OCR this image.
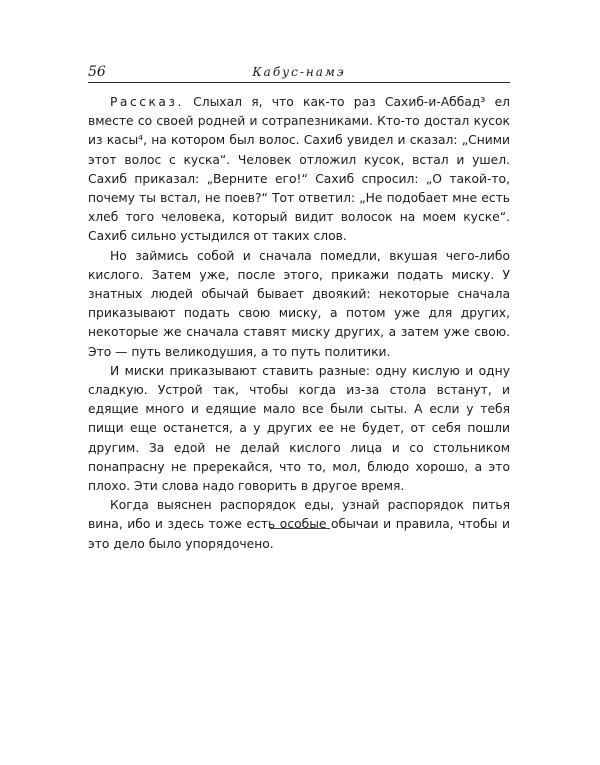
56	Кабус-намэ

Рассказ. Слыхал я, что как-то раз Сахиб-и-Аббад³ ел вместе со своей родней и сотрапезниками. Кто-то достал кусок из касы⁴, на котором был волос. Сахиб увидел и сказал: „Сними этот волос с куска“. Человек отложил кусок, встал и ушел. Сахиб приказал: „Верните его!“ Сахиб спросил: „О такой-то, почему ты встал, не поев?“ Тот ответил: „Не подобает мне есть хлеб того человека, который видит волосок на моем куске“. Сахиб сильно устыдился от таких слов.

Но займись собой и сначала помедли, вкушая чего-либо кислого. Затем уже, после этого, прикажи подать миску. У знатных людей обычай бывает двоякий: некоторые сначала приказывают подать свою миску, а потом уже для других, некоторые же сначала ставят миску других, а затем уже свою. Это — путь великодушия, а то путь политики.

И миски приказывают ставить разные: одну кислую и одну сладкую. Устрой так, чтобы когда из-за стола встанут, и едящие много и едящие мало все были сыты. А если у тебя пищи еще останется, а у других ее не будет, от себя пошли другим. За едой не делай кислого лица и со стольником понапрасну не пререкайся, что то, мол, блюдо хорошо, а это плохо. Эти слова надо говорить в другое время.

Когда выяснен распорядок еды, узнай распорядок питья вина, ибо и здесь тоже есть особые обычаи и правила, чтобы и это дело было упорядочено.
